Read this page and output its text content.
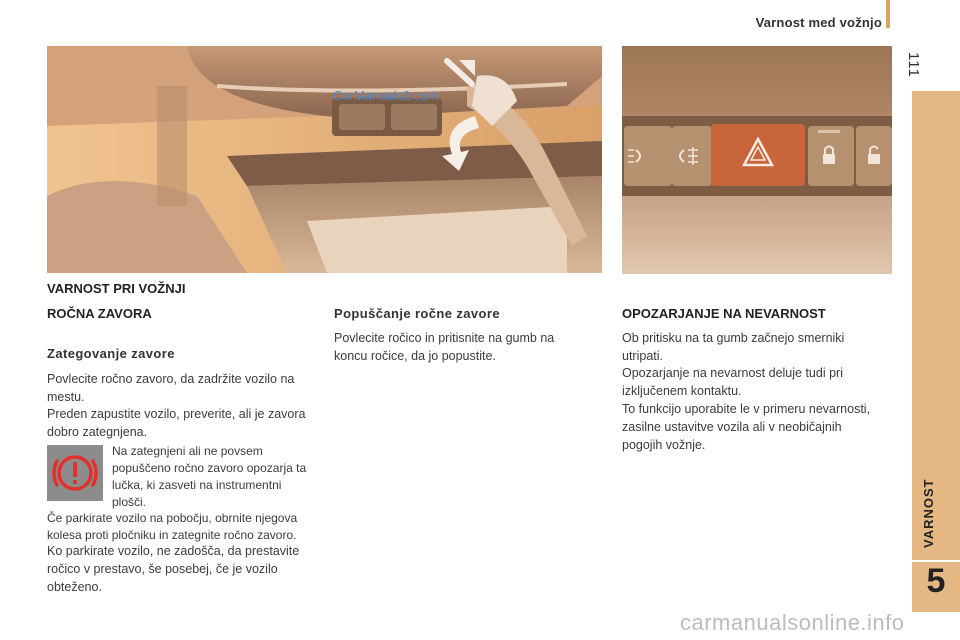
Varnost med vožnjo
111
VARNOST
5
CarManuals2.com
VARNOST PRI VOŽNJI
ROČNA ZAVORA
Zategovanje zavore
Povlecite ročno zavoro, da zadržite vozilo na mestu.
Preden zapustite vozilo, preverite, ali je zavora dobro zategnjena.
Na zategnjeni ali ne povsem popuščeno ročno zavoro opozarja ta lučka, ki zasveti na instrumentni plošči.
Če parkirate vozilo na pobočju, obrnite njegova kolesa proti pločniku in zategnite ročno zavoro.
Ko parkirate vozilo, ne zadošča, da prestavite ročico v prestavo, še posebej, če je vozilo obteženo.
Popuščanje ročne zavore
Povlecite ročico in pritisnite na gumb na koncu ročice, da jo popustite.
OPOZARJANJE NA NEVARNOST
Ob pritisku na ta gumb začnejo smerniki utripati.
Opozarjanje na nevarnost deluje tudi pri izključenem kontaktu.
To funkcijo uporabite le v primeru nevarnosti, zasilne ustavitve vozila ali v neobičajnih pogojih vožnje.
carmanualsonline.info
